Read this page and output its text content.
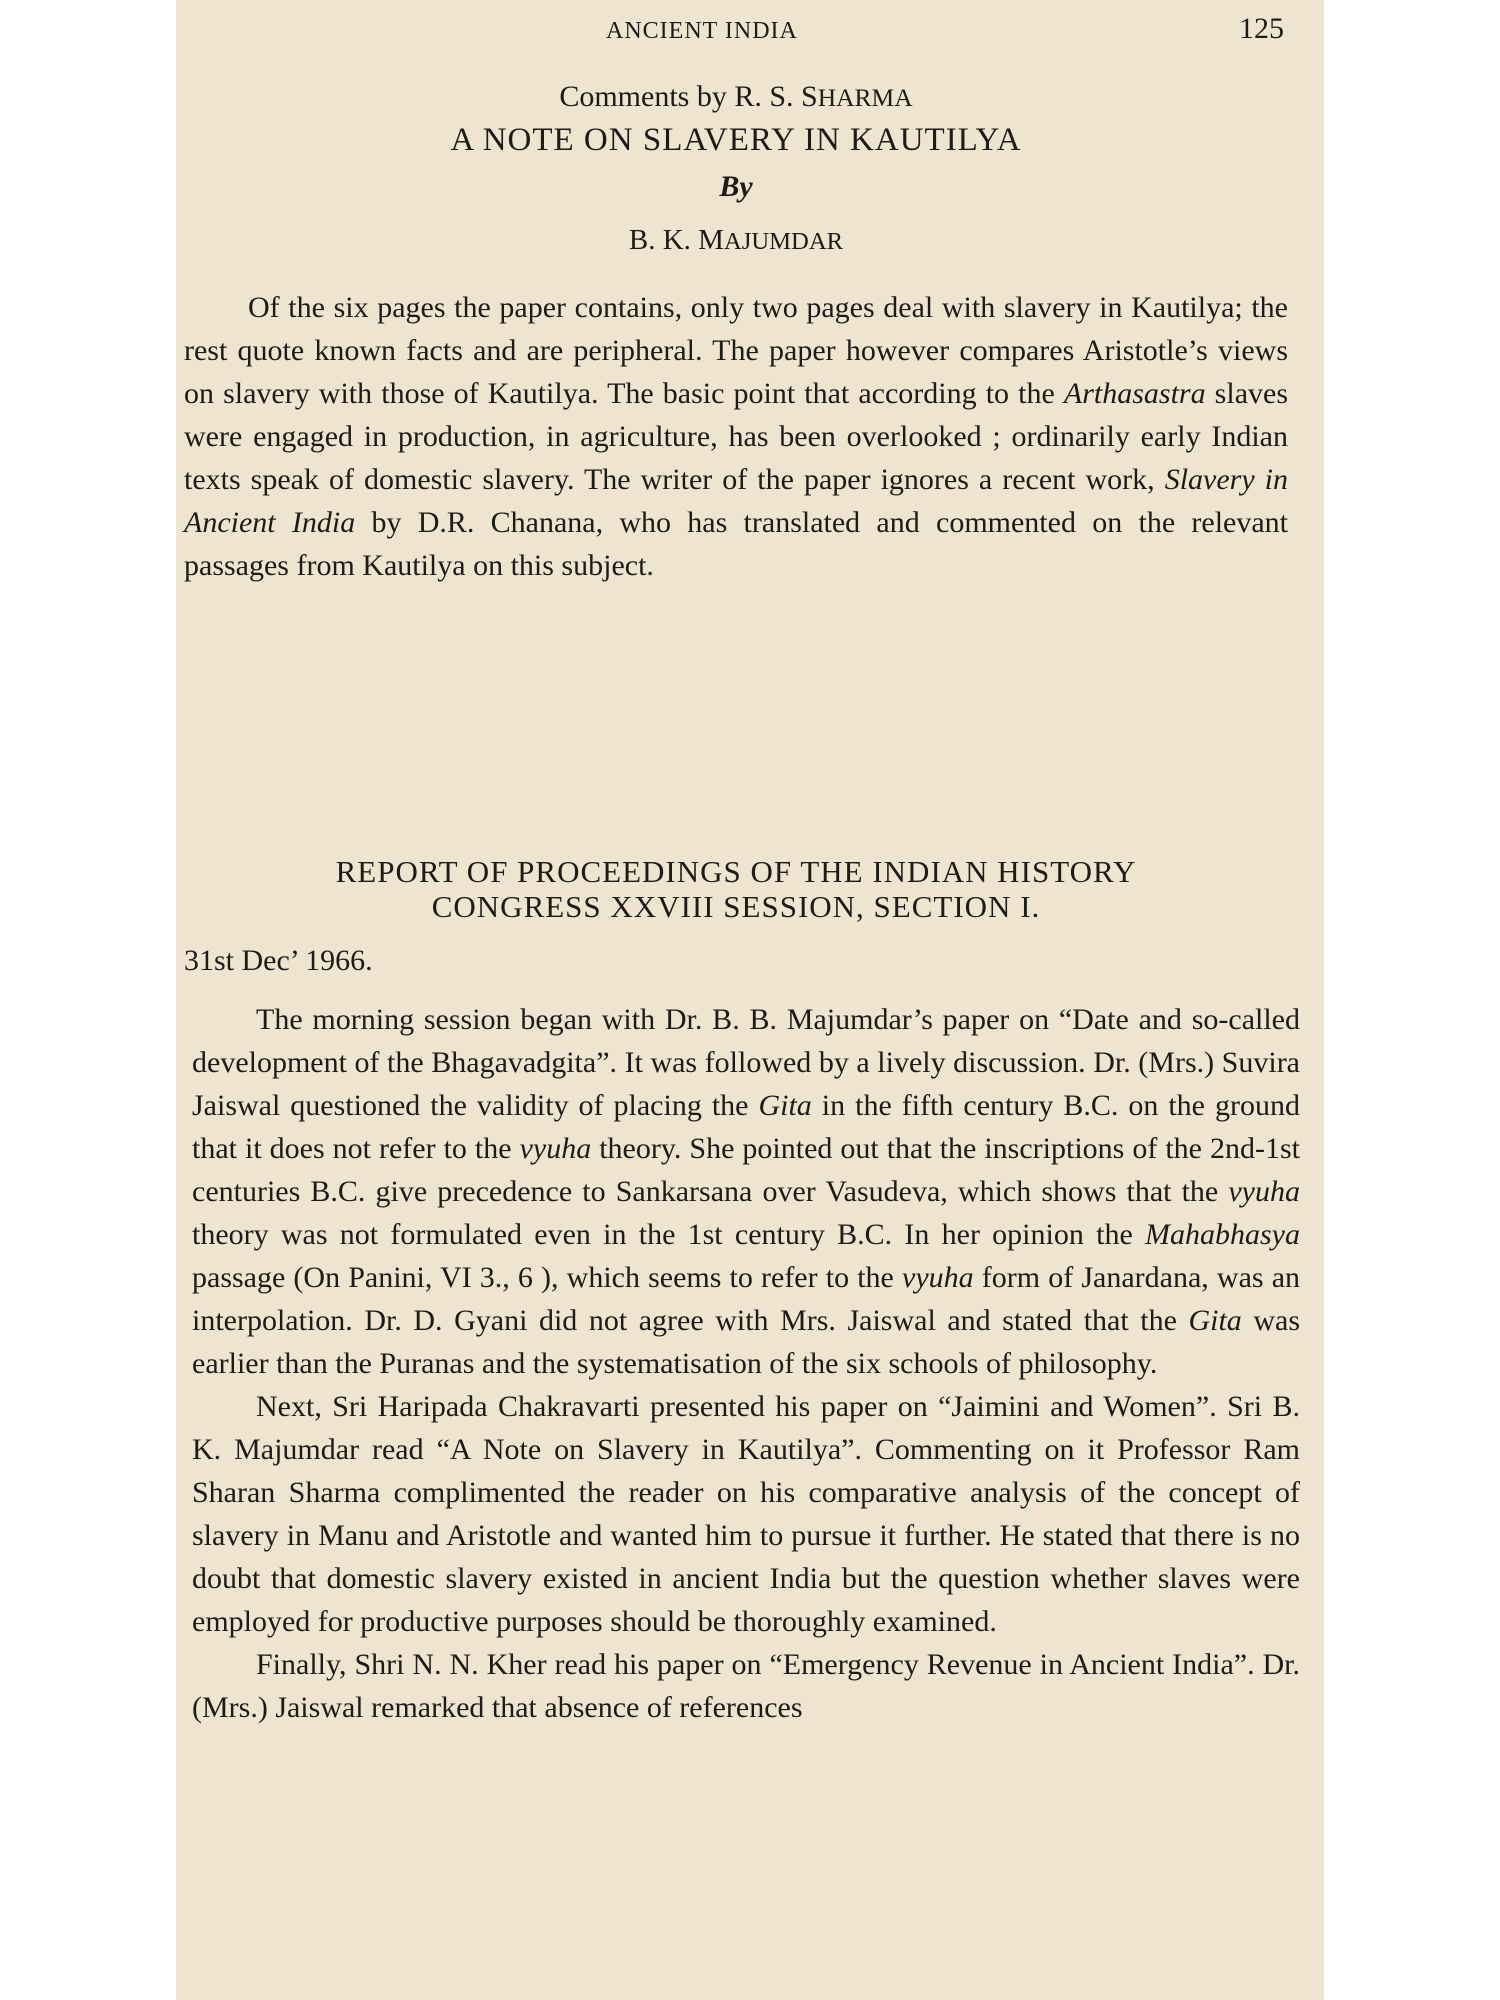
ANCIENT INDIA	125
Comments by R. S. SHARMA
A NOTE ON SLAVERY IN KAUTILYA
By
B. K. MAJUMDAR

Of the six pages the paper contains, only two pages deal with slavery in Kautilya; the rest quote known facts and are peripheral. The paper however compares Aristotle’s views on slavery with those of Kautilya. The basic point that according to the Arthasastra slaves were engaged in production, in agriculture, has been overlooked ; ordinarily early Indian texts speak of domestic slavery. The writer of the paper ignores a recent work, Slavery in Ancient India by D.R. Chanana, who has translated and commented on the relevant passages from Kautilya on this subject.

REPORT OF PROCEEDINGS OF THE INDIAN HISTORY
CONGRESS XXVIII SESSION, SECTION I.
31st Dec’ 1966.

The morning session began with Dr. B. B. Majumdar’s paper on “Date and so-called development of the Bhagavadgita”. It was followed by a lively discussion. Dr. (Mrs.) Suvira Jaiswal questioned the validity of placing the Gita in the fifth century B.C. on the ground that it does not refer to the vyuha theory. She pointed out that the inscriptions of the 2nd-1st centuries B.C. give precedence to Sankarsana over Vasudeva, which shows that the vyuha theory was not formulated even in the 1st century B.C. In her opinion the Mahabhasya passage (On Panini, VI 3., 6 ), which seems to refer to the vyuha form of Janardana, was an interpolation. Dr. D. Gyani did not agree with Mrs. Jaiswal and stated that the Gita was earlier than the Puranas and the systematisation of the six schools of philosophy.

Next, Sri Haripada Chakravarti presented his paper on “Jaimini and Women”. Sri B. K. Majumdar read “A Note on Slavery in Kautilya”. Commenting on it Professor Ram Sharan Sharma complimented the reader on his comparative analysis of the concept of slavery in Manu and Aristotle and wanted him to pursue it further. He stated that there is no doubt that domestic slavery existed in ancient India but the question whether slaves were employed for productive purposes should be thoroughly examined.

Finally, Shri N. N. Kher read his paper on “Emergency Revenue in Ancient India”. Dr. (Mrs.) Jaiswal remarked that absence of references
